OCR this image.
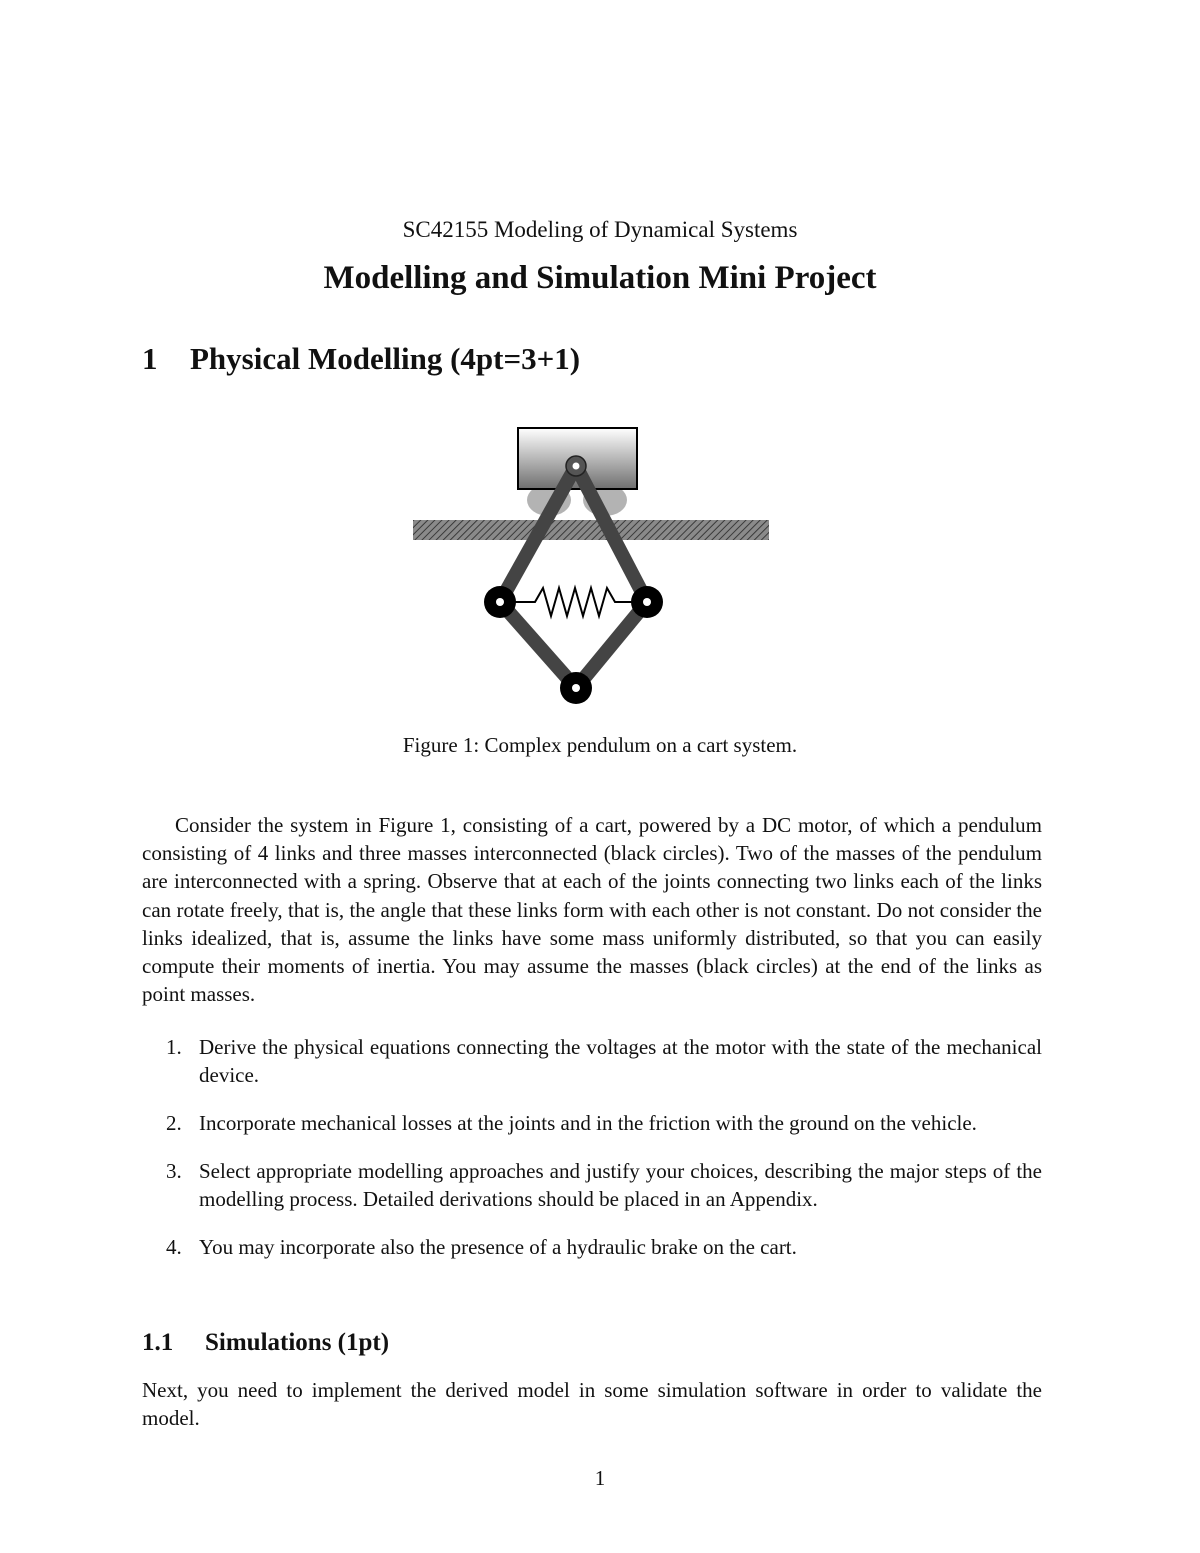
SC42155 Modeling of Dynamical Systems
Modelling and Simulation Mini Project
1 Physical Modelling (4pt=3+1)
Figure 1: Complex pendulum on a cart system.

Consider the system in Figure 1, consisting of a cart, powered by a DC motor, of which a pendulum consisting of 4 links and three masses interconnected (black circles). Two of the masses of the pendulum are interconnected with a spring. Observe that at each of the joints connecting two links each of the links can rotate freely, that is, the angle that these links form with each other is not constant. Do not consider the links idealized, that is, assume the links have some mass uniformly distributed, so that you can easily compute their moments of inertia. You may assume the masses (black circles) at the end of the links as point masses.

1. Derive the physical equations connecting the voltages at the motor with the state of the mechanical device.
2. Incorporate mechanical losses at the joints and in the friction with the ground on the vehicle.
3. Select appropriate modelling approaches and justify your choices, describing the major steps of the modelling process. Detailed derivations should be placed in an Appendix.
4. You may incorporate also the presence of a hydraulic brake on the cart.
1.1 Simulations (1pt)

Next, you need to implement the derived model in some simulation software in order to validate the model.

1
